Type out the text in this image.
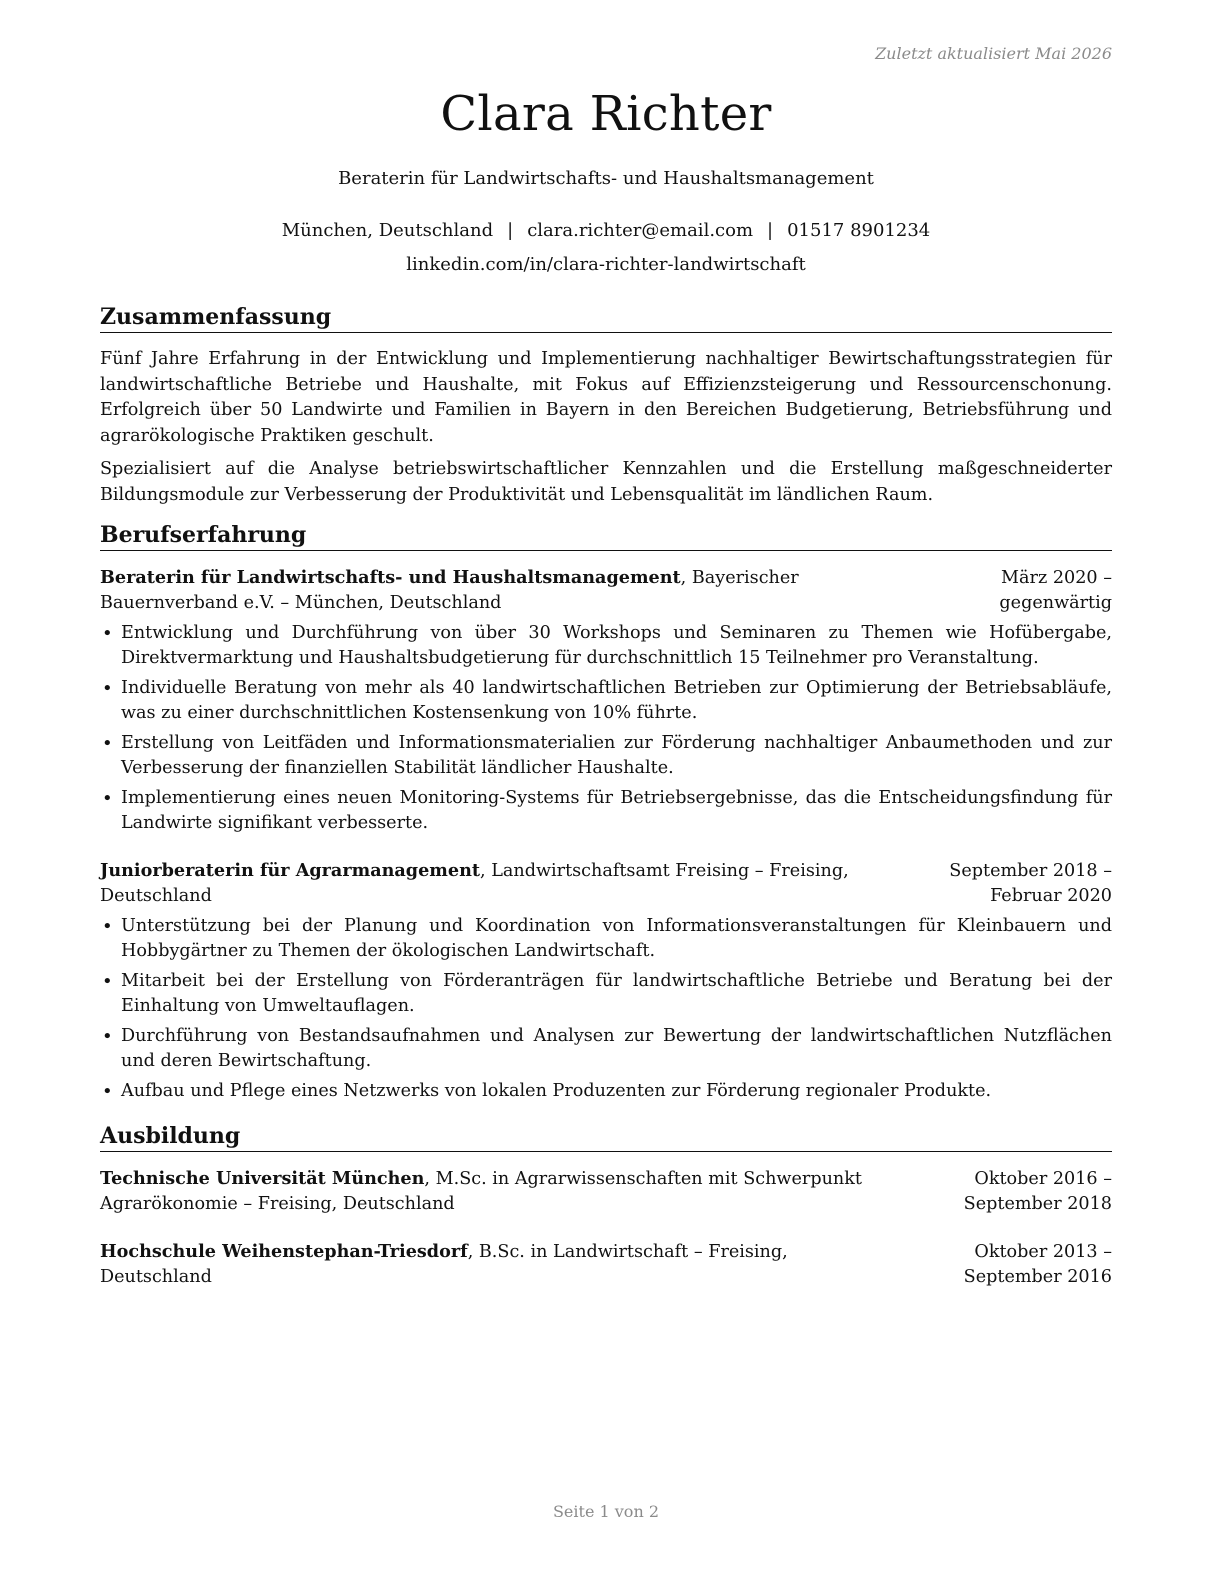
Zuletzt aktualisiert Mai 2026
Clara Richter
Beraterin für Landwirtschafts- und Haushaltsmanagement
München, Deutschland | clara.richter@email.com | 01517 8901234
linkedin.com/in/clara-richter-landwirtschaft
Zusammenfassung
Fünf Jahre Erfahrung in der Entwicklung und Implementierung nachhaltiger Bewirtschaftungsstrategien für landwirtschaftliche Betriebe und Haushalte, mit Fokus auf Effizienzsteigerung und Ressourcenschonung. Erfolgreich über 50 Landwirte und Familien in Bayern in den Bereichen Budgetierung, Betriebsführung und agrarökologische Praktiken geschult.
Spezialisiert auf die Analyse betriebswirtschaftlicher Kennzahlen und die Erstellung maßgeschneiderter Bildungsmodule zur Verbesserung der Produktivität und Lebensqualität im ländlichen Raum.
Berufserfahrung
Beraterin für Landwirtschafts- und Haushaltsmanagement, Bayerischer Bauernverband e.V. – München, Deutschland
März 2020 – gegenwärtig
• Entwicklung und Durchführung von über 30 Workshops und Seminaren zu Themen wie Hofübergabe, Direktvermarktung und Haushaltsbudgetierung für durchschnittlich 15 Teilnehmer pro Veranstaltung.
• Individuelle Beratung von mehr als 40 landwirtschaftlichen Betrieben zur Optimierung der Betriebsabläufe, was zu einer durchschnittlichen Kostensenkung von 10% führte.
• Erstellung von Leitfäden und Informationsmaterialien zur Förderung nachhaltiger Anbaumethoden und zur Verbesserung der finanziellen Stabilität ländlicher Haushalte.
• Implementierung eines neuen Monitoring-Systems für Betriebsergebnisse, das die Entscheidungsfindung für Landwirte signifikant verbesserte.
Juniorberaterin für Agrarmanagement, Landwirtschaftsamt Freising – Freising, Deutschland
September 2018 – Februar 2020
• Unterstützung bei der Planung und Koordination von Informationsveranstaltungen für Kleinbauern und Hobbygärtner zu Themen der ökologischen Landwirtschaft.
• Mitarbeit bei der Erstellung von Förderanträgen für landwirtschaftliche Betriebe und Beratung bei der Einhaltung von Umweltauflagen.
• Durchführung von Bestandsaufnahmen und Analysen zur Bewertung der landwirtschaftlichen Nutzflächen und deren Bewirtschaftung.
• Aufbau und Pflege eines Netzwerks von lokalen Produzenten zur Förderung regionaler Produkte.
Ausbildung
Technische Universität München, M.Sc. in Agrarwissenschaften mit Schwerpunkt Agrarökonomie – Freising, Deutschland
Oktober 2016 – September 2018
Hochschule Weihenstephan-Triesdorf, B.Sc. in Landwirtschaft – Freising, Deutschland
Oktober 2013 – September 2016
Seite 1 von 2
